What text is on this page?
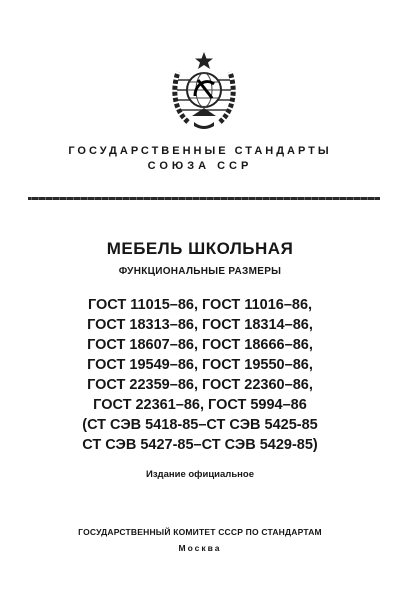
ГОСУДАРСТВЕННЫЕ СТАНДАРТЫ
СОЮЗА ССР
МЕБЕЛЬ ШКОЛЬНАЯ
ФУНКЦИОНАЛЬНЫЕ РАЗМЕРЫ
ГОСТ 11015–86, ГОСТ 11016–86,
ГОСТ 18313–86, ГОСТ 18314–86,
ГОСТ 18607–86, ГОСТ 18666–86,
ГОСТ 19549–86, ГОСТ 19550–86,
ГОСТ 22359–86, ГОСТ 22360–86,
ГОСТ 22361–86, ГОСТ 5994–86
(СТ СЭВ 5418-85–СТ СЭВ 5425-85
СТ СЭВ 5427-85–СТ СЭВ 5429-85)
Издание официальное
ГОСУДАРСТВЕННЫЙ КОМИТЕТ СССР ПО СТАНДАРТАМ
Москва
